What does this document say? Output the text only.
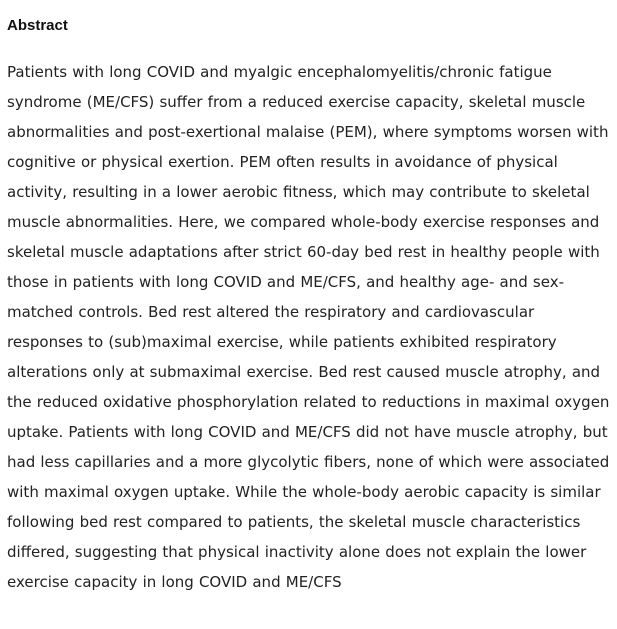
Abstract

Patients with long COVID and myalgic encephalomyelitis/chronic fatigue syndrome (ME/CFS) suffer from a reduced exercise capacity, skeletal muscle abnormalities and post-exertional malaise (PEM), where symptoms worsen with cognitive or physical exertion. PEM often results in avoidance of physical activity, resulting in a lower aerobic fitness, which may contribute to skeletal muscle abnormalities. Here, we compared whole-body exercise responses and skeletal muscle adaptations after strict 60-day bed rest in healthy people with those in patients with long COVID and ME/CFS, and healthy age- and sex-matched controls. Bed rest altered the respiratory and cardiovascular responses to (sub)maximal exercise, while patients exhibited respiratory alterations only at submaximal exercise. Bed rest caused muscle atrophy, and the reduced oxidative phosphorylation related to reductions in maximal oxygen uptake. Patients with long COVID and ME/CFS did not have muscle atrophy, but had less capillaries and a more glycolytic fibers, none of which were associated with maximal oxygen uptake. While the whole-body aerobic capacity is similar following bed rest compared to patients, the skeletal muscle characteristics differed, suggesting that physical inactivity alone does not explain the lower exercise capacity in long COVID and ME/CFS
